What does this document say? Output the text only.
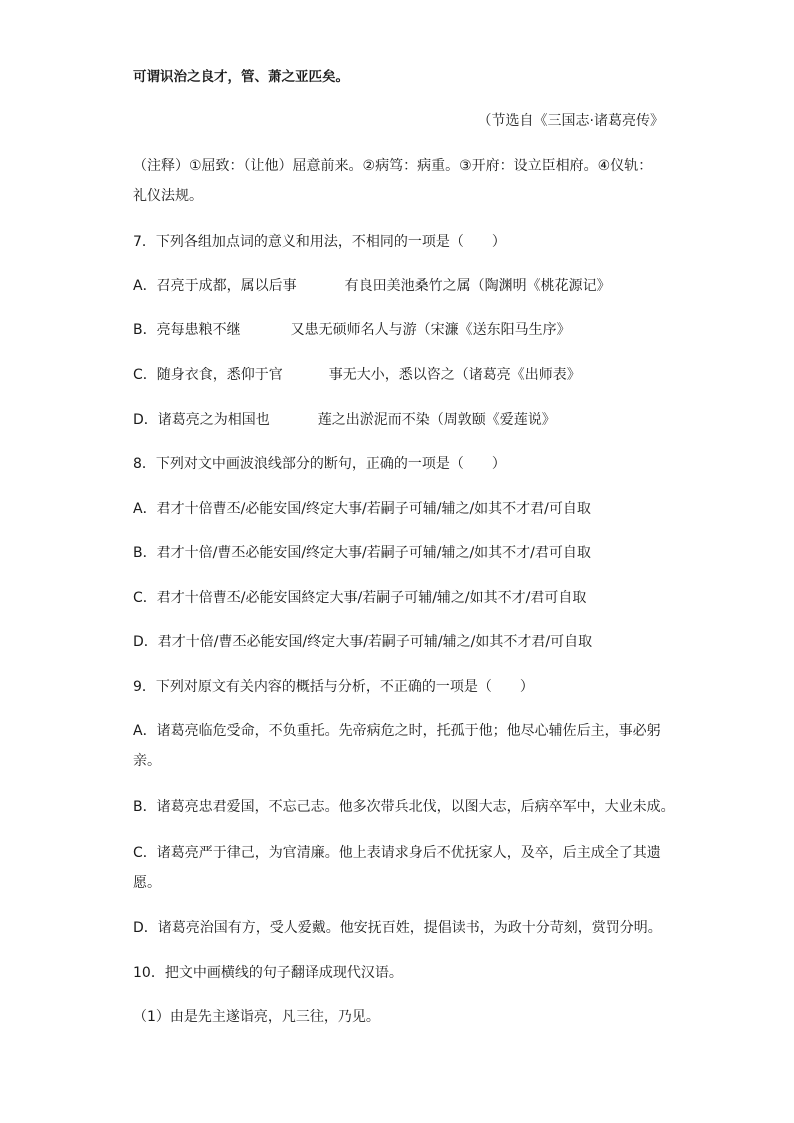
可谓识治之良才，管、萧之亚匹矣。
（节选自《三国志·诸葛亮传》
（注释）①屈致：（让他）屈意前来。②病笃：病重。③开府：设立臣相府。④仪轨：
礼仪法规。
7．下列各组加点词的意义和用法，不相同的一项是（　　）
A．召亮于成都，属以后事	有良田美池桑竹之属（陶渊明《桃花源记》
B．亮每患粮不继	又患无硕师名人与游（宋濂《送东阳马生序》
C．随身衣食，悉仰于官	事无大小，悉以咨之（诸葛亮《出师表》
D．诸葛亮之为相国也	莲之出淤泥而不染（周敦颐《爱莲说》
8．下列对文中画波浪线部分的断句，正确的一项是（　　）
A．君才十倍曹丕/必能安国/终定大事/若嗣子可辅/辅之/如其不才君/可自取
B．君才十倍/曹丕必能安国/终定大事/若嗣子可辅/辅之/如其不才/君可自取
C．君才十倍曹丕/必能安国終定大事/若嗣子可辅/辅之/如其不才/君可自取
D．君才十倍/曹丕必能安国/终定大事/若嗣子可辅/辅之/如其不才君/可自取
9．下列对原文有关内容的概括与分析，不正确的一项是（　　）
A．诸葛亮临危受命，不负重托。先帝病危之时，托孤于他；他尽心辅佐后主，事必躬
亲。
B．诸葛亮忠君爱国，不忘己志。他多次带兵北伐，以图大志，后病卒军中，大业未成。
C．诸葛亮严于律己，为官清廉。他上表请求身后不优抚家人，及卒，后主成全了其遗
愿。
D．诸葛亮治国有方，受人爱戴。他安抚百姓，提倡读书，为政十分苛刻，赏罚分明。
10．把文中画横线的句子翻译成现代汉语。
（1）由是先主遂诣亮，凡三往，乃见。
